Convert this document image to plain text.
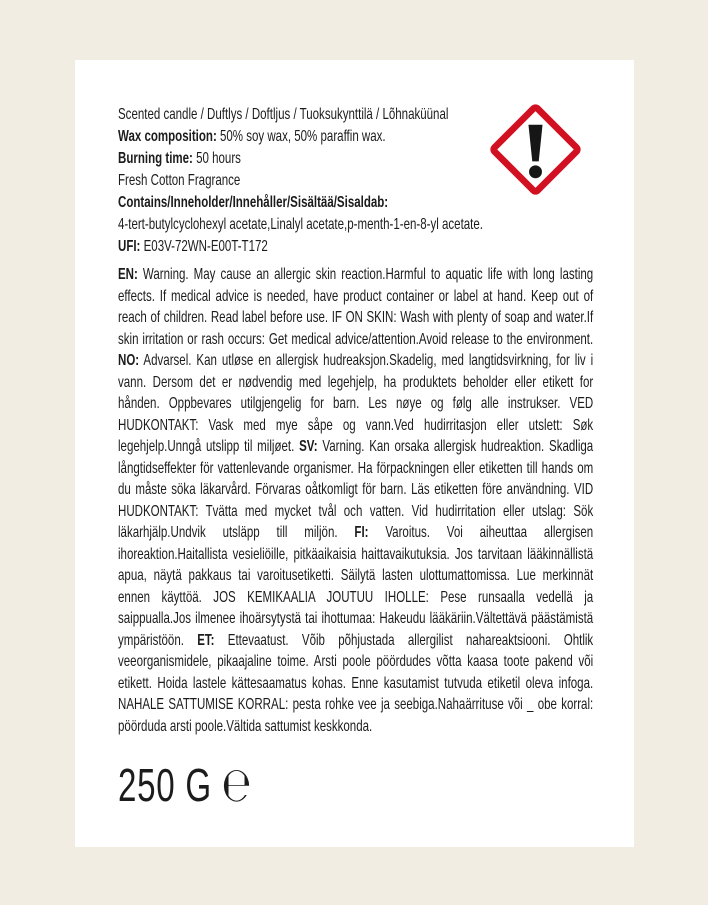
Scented candle / Duftlys / Doftljus / Tuoksukynttilä / Lõhnaküünal
Wax composition: 50% soy wax, 50% paraffin wax.
Burning time: 50 hours
Fresh Cotton Fragrance
Contains/Inneholder/Innehåller/Sisältää/Sisaldab:
4-tert-butylcyclohexyl acetate,Linalyl acetate,p-menth-1-en-8-yl acetate.
UFI: E03V-72WN-E00T-T172

EN: Warning. May cause an allergic skin reaction.Harmful to aquatic life with long lasting effects. If medical advice is needed, have product container or label at hand. Keep out of reach of children. Read label before use. IF ON SKIN: Wash with plenty of soap and water.If skin irritation or rash occurs: Get medical advice/attention.Avoid release to the environment. NO: Advarsel. Kan utløse en allergisk hudreaksjon.Skadelig, med langtidsvirkning, for liv i vann. Dersom det er nødvendig med legehjelp, ha produktets beholder eller etikett for hånden. Oppbevares utilgjengelig for barn. Les nøye og følg alle instrukser. VED HUDKONTAKT: Vask med mye såpe og vann.Ved hudirritasjon eller utslett: Søk legehjelp.Unngå utslipp til miljøet. SV: Varning. Kan orsaka allergisk hudreaktion. Skadliga långtidseffekter för vattenlevande organismer. Ha förpackningen eller etiketten till hands om du måste söka läkarvård. Förvaras oåtkomligt för barn. Läs etiketten före användning. VID HUDKONTAKT: Tvätta med mycket tvål och vatten. Vid hudirritation eller utslag: Sök läkarhjälp.Undvik utsläpp till miljön. FI: Varoitus. Voi aiheuttaa allergisen ihoreaktion.Haitallista vesieliöille, pitkäaikaisia haittavaikutuksia. Jos tarvitaan lääkinnällistä apua, näytä pakkaus tai varoitusetiketti. Säilytä lasten ulottumattomissa. Lue merkinnät ennen käyttöä. JOS KEMIKAALIA JOUTUU IHOLLE: Pese runsaalla vedellä ja saippualla.Jos ilmenee ihoärsytystä tai ihottumaa: Hakeudu lääkäriin.Vältettävä päästämistä ympäristöön. ET: Ettevaatust. Võib põhjustada allergilist nahareaktsiooni. Ohtlik veeorganismidele, pikaajaline toime. Arsti poole pöördudes võtta kaasa toote pakend või etikett. Hoida lastele kättesaamatus kohas. Enne kasutamist tutvuda etiketil oleva infoga. NAHALE SATTUMISE KORRAL: pesta rohke vee ja seebiga.Nahaärrituse või _ obe korral: pöörduda arsti poole.Vältida sattumist keskkonda.

250 G ℮
